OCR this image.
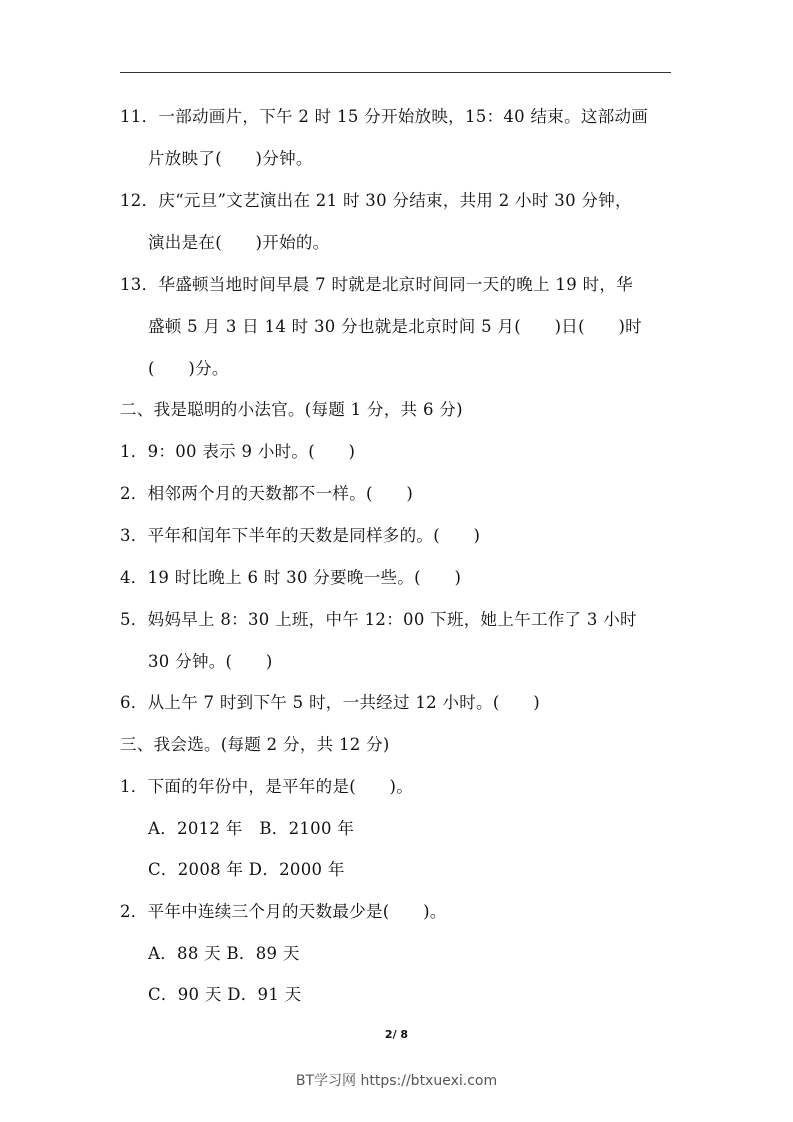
11．一部动画片，下午 2 时 15 分开始放映，15：40 结束。这部动画
片放映了(　　)分钟。
12．庆“元旦”文艺演出在 21 时 30 分结束，共用 2 小时 30 分钟，
演出是在(　　)开始的。
13．华盛顿当地时间早晨 7 时就是北京时间同一天的晚上 19 时，华
盛顿 5 月 3 日 14 时 30 分也就是北京时间 5 月(　　)日(　　)时
(　　)分。
二、我是聪明的小法官。(每题 1 分，共 6 分)
1．9：00 表示 9 小时。(　　)
2．相邻两个月的天数都不一样。(　　)
3．平年和闰年下半年的天数是同样多的。(　　)
4．19 时比晚上 6 时 30 分要晚一些。(　　)
5．妈妈早上 8：30 上班，中午 12：00 下班，她上午工作了 3 小时
30 分钟。(　　)
6．从上午 7 时到下午 5 时，一共经过 12 小时。(　　)
三、我会选。(每题 2 分，共 12 分)
1．下面的年份中，是平年的是(　　)。
A．2012 年　B．2100 年
C．2008 年 D．2000 年
2．平年中连续三个月的天数最少是(　　)。
A．88 天 B．89 天
C．90 天 D．91 天
2/ 8
BT学习网 https://btxuexi.com
